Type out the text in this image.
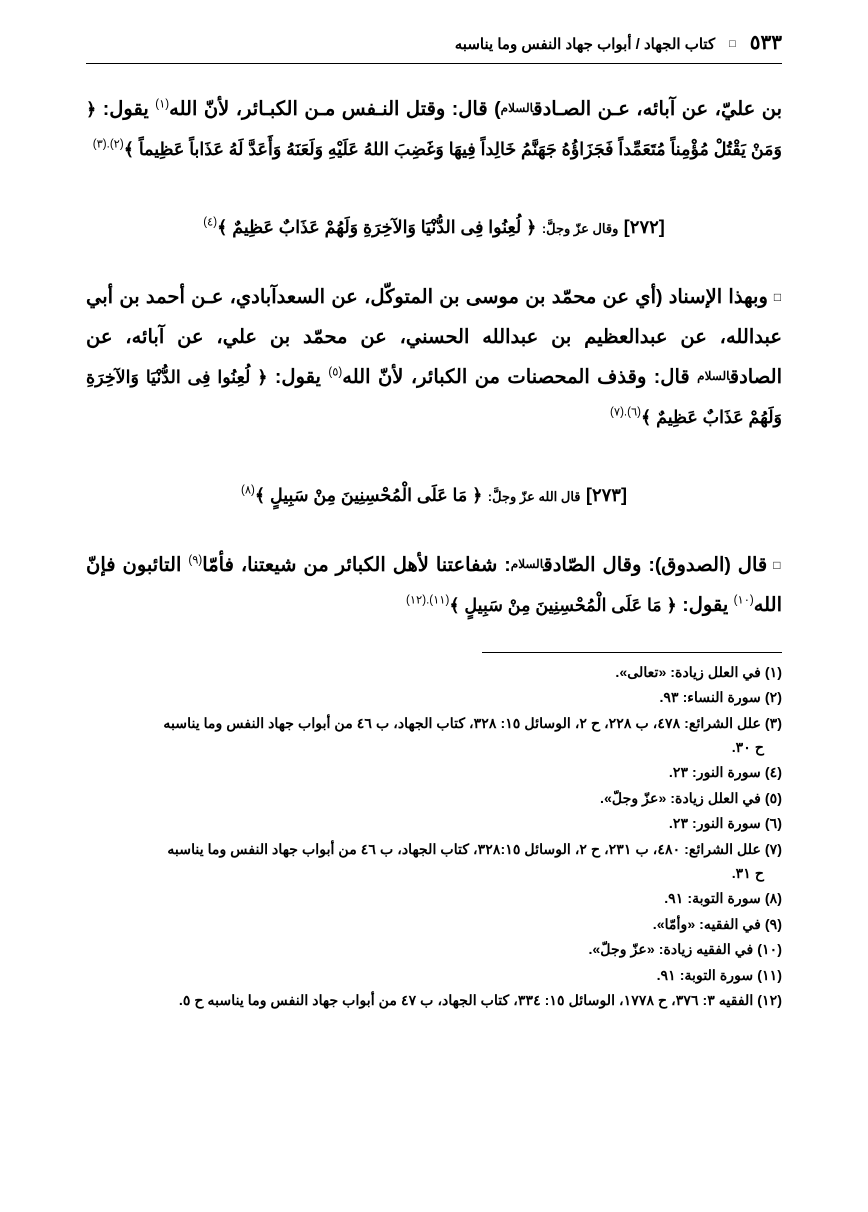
٥٣٣
□
كتاب الجهاد / أبواب جهاد النفس وما يناسبه
بن عليّ، عن آبائه، عـن الصـادقالسلام) قال: وقتل النـفس مـن الكبـائر، لأنّ الله$^{(١)}$ يقول: ﴿ وَمَنْ يَقْتُلْ مُؤْمِناً مُتَعَمِّداً فَجَزَاؤُهُ جَهَنَّمُ خَالِداً فِيهَا وَغَضِبَ اللهُ عَلَيْهِ وَلَعَنَهُ وَأَعَدَّ لَهُ عَذَاباً عَظِيماً ﴾$^{(٢).(٣)}$
[٢٧٢] وقال عزّ وجلَّ: ﴿ لُعِنُوا فِى الدُّنْيَا وَالآخِرَةِ وَلَهُمْ عَذَابٌ عَظِيمٌ ﴾$^{(٤)}$
□وبهذا الإسناد (أي عن محمّد بن موسى بن المتوكّل، عن السعدآبادي، عـن أحمد بن أبي عبدالله، عن عبدالعظيم بن عبدالله الحسني، عن محمّد بن علي، عن آبائه، عن الصادقالسلام قال: وقذف المحصنات من الكبائر، لأنّ الله$^{(٥)}$ يقول: ﴿ لُعِنُوا فِى الدُّنْيَا وَالآخِرَةِ وَلَهُمْ عَذَابٌ عَظِيمٌ ﴾$^{(٦).(٧)}$
[٢٧٣] قال الله عزّ وجلَّ: ﴿ مَا عَلَى الْمُحْسِنِينَ مِنْ سَبِيلٍ ﴾$^{(٨)}$
□قال (الصدوق): وقال الصّادقالسلام: شفاعتنا لأهل الكبائر من شيعتنا، فأمّا$^{(٩)}$ التائبون فإنّ الله$^{(١٠)}$ يقول: ﴿ مَا عَلَى الْمُحْسِنِينَ مِنْ سَبِيلٍ ﴾$^{(١١).(١٢)}$
(١) في العلل زيادة: «تعالى».
(٢) سورة النساء: ٩٣.
(٣) علل الشرائع: ٤٧٨، ب ٢٢٨، ح ٢، الوسائل ١٥: ٣٢٨، كتاب الجهاد، ب ٤٦ من أبواب جهاد النفس وما يناسبه
ح ٣٠.
(٤) سورة النور: ٢٣.
(٥) في العلل زيادة: «عزّ وجلّ».
(٦) سورة النور: ٢٣.
(٧) علل الشرائع: ٤٨٠، ب ٢٣١، ح ٢، الوسائل ٣٢٨:١٥، كتاب الجهاد، ب ٤٦ من أبواب جهاد النفس وما يناسبه
ح ٣١.
(٨) سورة التوبة: ٩١.
(٩) في الفقيه: «وأمّا».
(١٠) في الفقيه زيادة: «عزّ وجلّ».
(١١) سورة التوبة: ٩١.
(١٢) الفقيه ٣: ٣٧٦، ح ١٧٧٨، الوسائل ١٥: ٣٣٤، كتاب الجهاد، ب ٤٧ من أبواب جهاد النفس وما يناسبه ح ٥.
